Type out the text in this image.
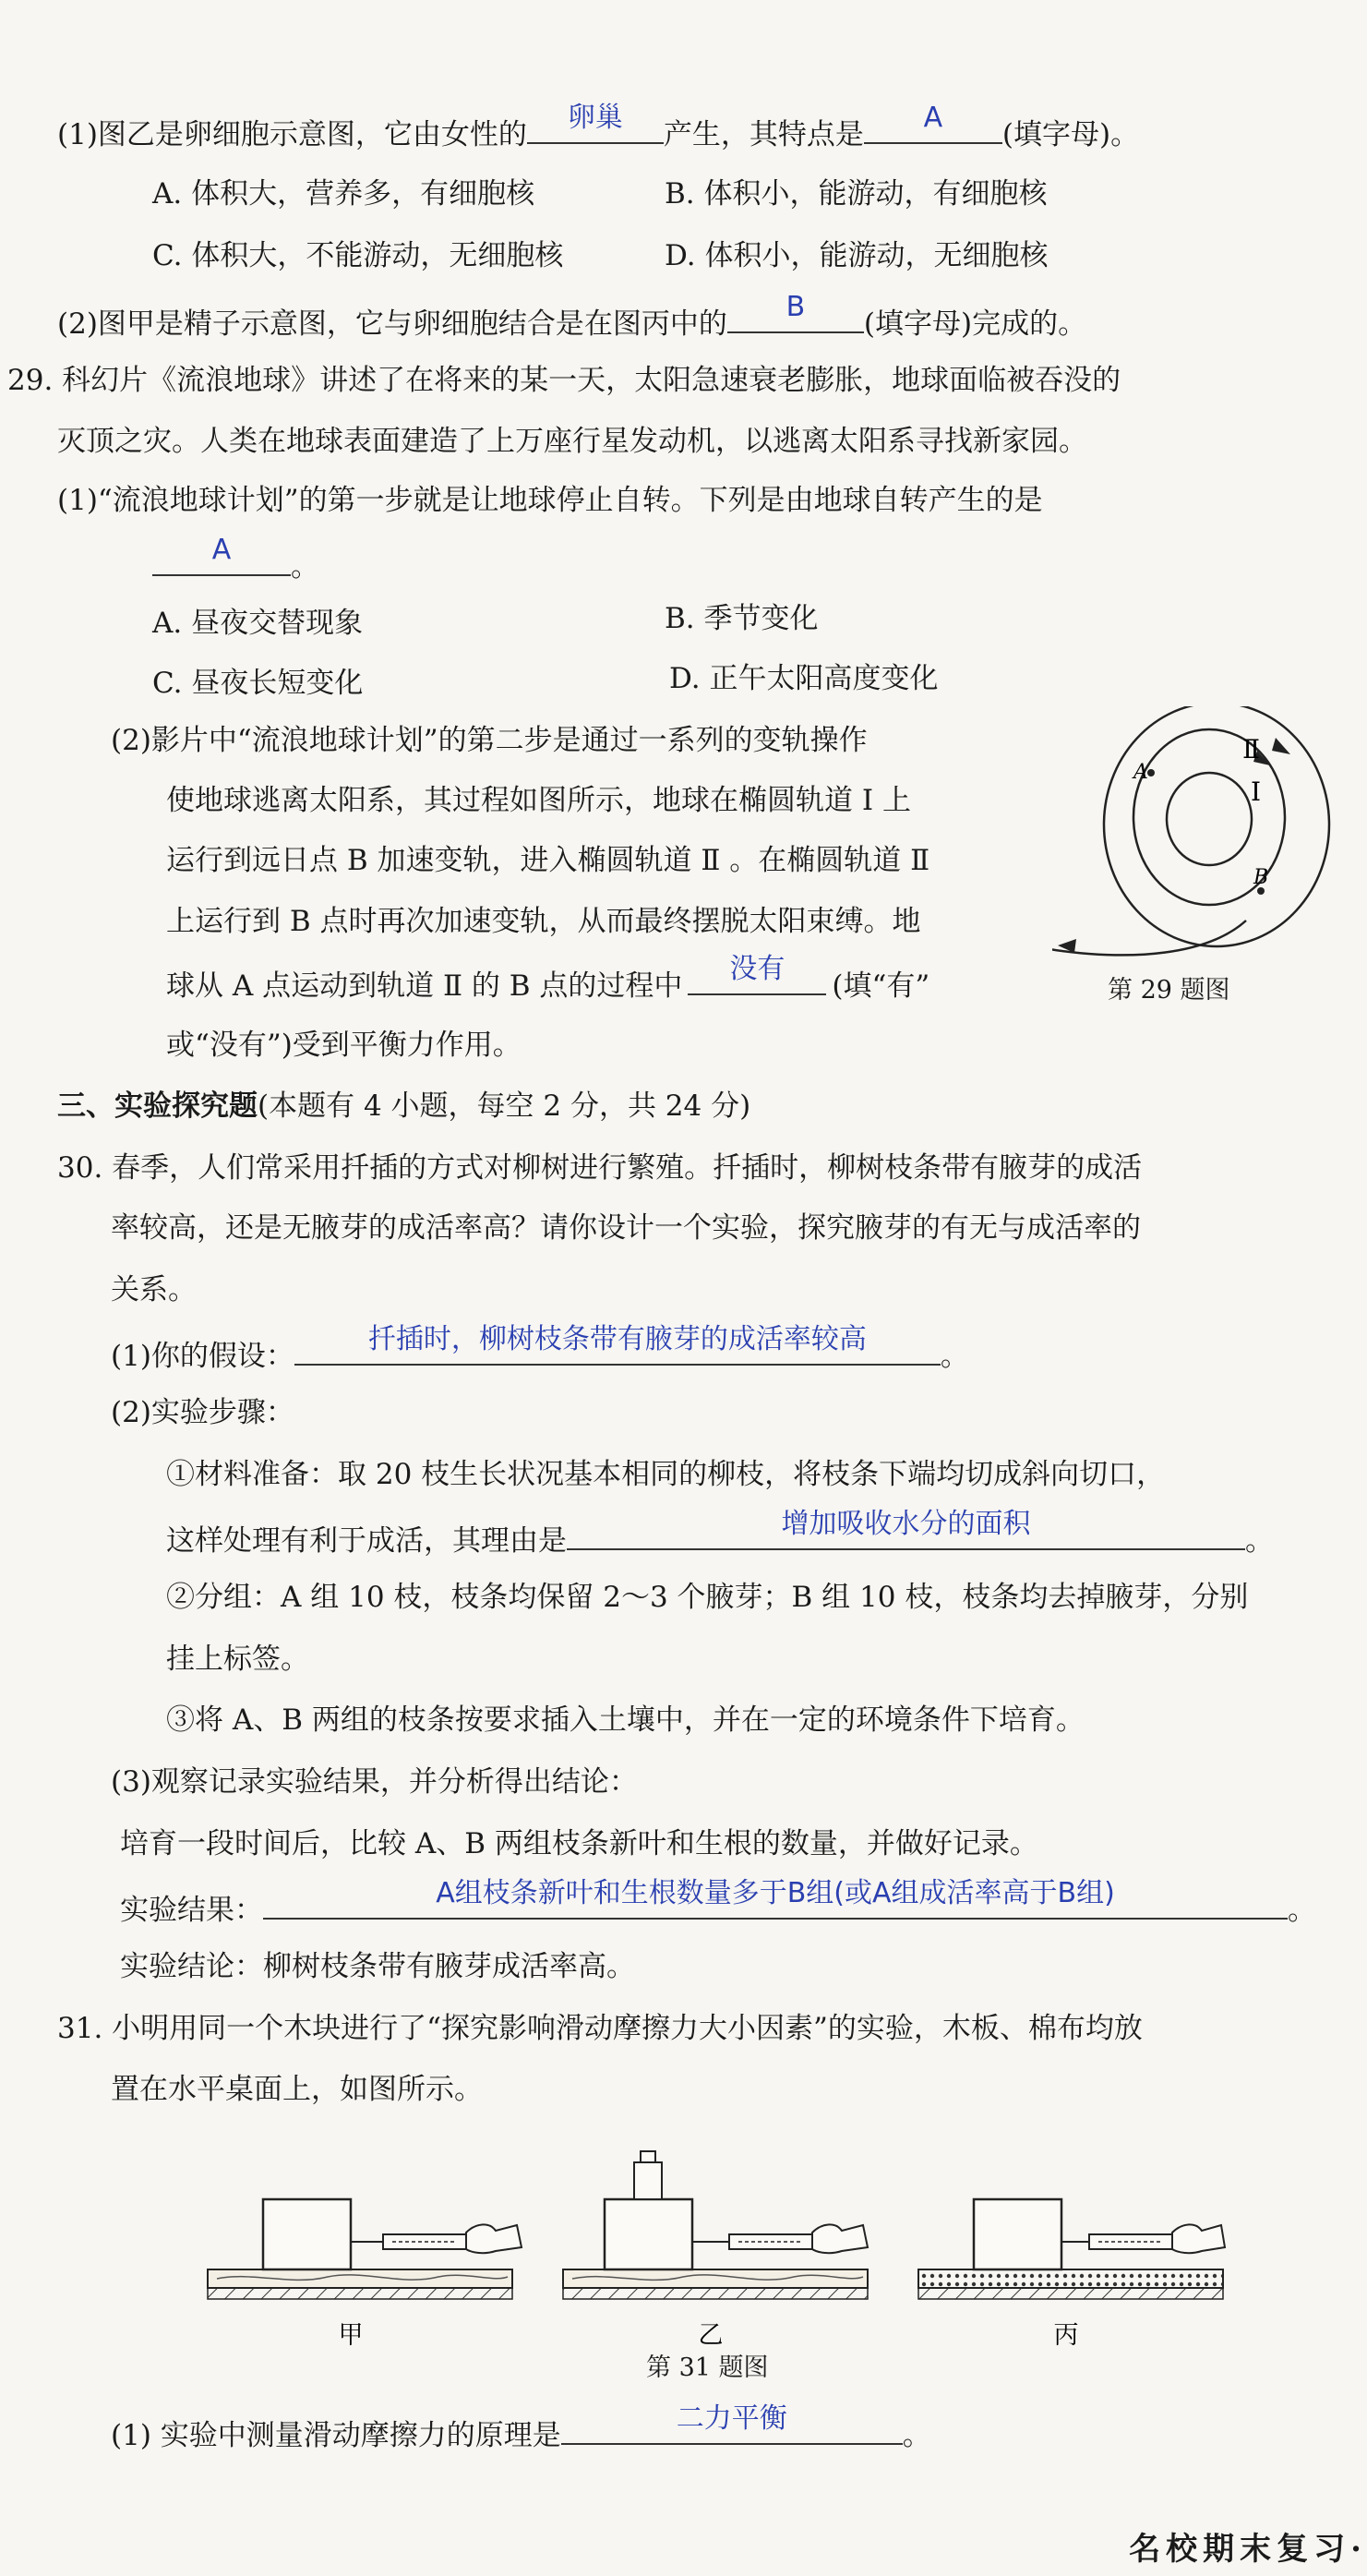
(1)图乙是卵细胞示意图，它由女性的
卵巢
产生，其特点是
A
(填字母)。
A. 体积大，营养多，有细胞核	B. 体积小，能游动，有细胞核
C. 体积大，不能游动，无细胞核	D. 体积小，能游动，无细胞核
(2)图甲是精子示意图，它与卵细胞结合是在图丙中的
B
(填字母)完成的。
29. 科幻片《流浪地球》讲述了在将来的某一天，太阳急速衰老膨胀，地球面临被吞没的
灭顶之灾。人类在地球表面建造了上万座行星发动机，以逃离太阳系寻找新家园。
(1)“流浪地球计划”的第一步就是让地球停止自转。下列是由地球自转产生的是
A
。
A. 昼夜交替现象	B. 季节变化
C. 昼夜长短变化	D. 正午太阳高度变化
(2)影片中“流浪地球计划”的第二步是通过一系列的变轨操作
使地球逃离太阳系，其过程如图所示，地球在椭圆轨道 Ⅰ 上
运行到远日点 B 加速变轨，进入椭圆轨道 Ⅱ 。在椭圆轨道 Ⅱ
上运行到 B 点时再次加速变轨，从而最终摆脱太阳束缚。地
球从 A 点运动到轨道 Ⅱ 的 B 点的过程中
没有
(填“有”
或“没有”)受到平衡力作用。
A
B
Ⅰ
Ⅱ
第 29 题图
三、实验探究题(本题有 4 小题，每空 2 分，共 24 分)
30. 春季，人们常采用扦插的方式对柳树进行繁殖。扦插时，柳树枝条带有腋芽的成活
率较高，还是无腋芽的成活率高？请你设计一个实验，探究腋芽的有无与成活率的
关系。
(1)你的假设：
扦插时，柳树枝条带有腋芽的成活率较高
。
(2)实验步骤：
①材料准备：取 20 枝生长状况基本相同的柳枝，将枝条下端均切成斜向切口，
这样处理有利于成活，其理由是
增加吸收水分的面积
。
②分组：A 组 10 枝，枝条均保留 2～3 个腋芽；B 组 10 枝，枝条均去掉腋芽，分别
挂上标签。
③将 A、B 两组的枝条按要求插入土壤中，并在一定的环境条件下培育。
(3)观察记录实验结果，并分析得出结论：
培育一段时间后，比较 A、B 两组枝条新叶和生根的数量，并做好记录。
实验结果：
A组枝条新叶和生根数量多于B组(或A组成活率高于B组)
。
实验结论：柳树枝条带有腋芽成活率高。
31. 小明用同一个木块进行了“探究影响滑动摩擦力大小因素”的实验，木板、棉布均放
置在水平桌面上，如图所示。
甲	乙	丙
第 31 题图
(1) 实验中测量滑动摩擦力的原理是
二力平衡
。
名校期末复习·
